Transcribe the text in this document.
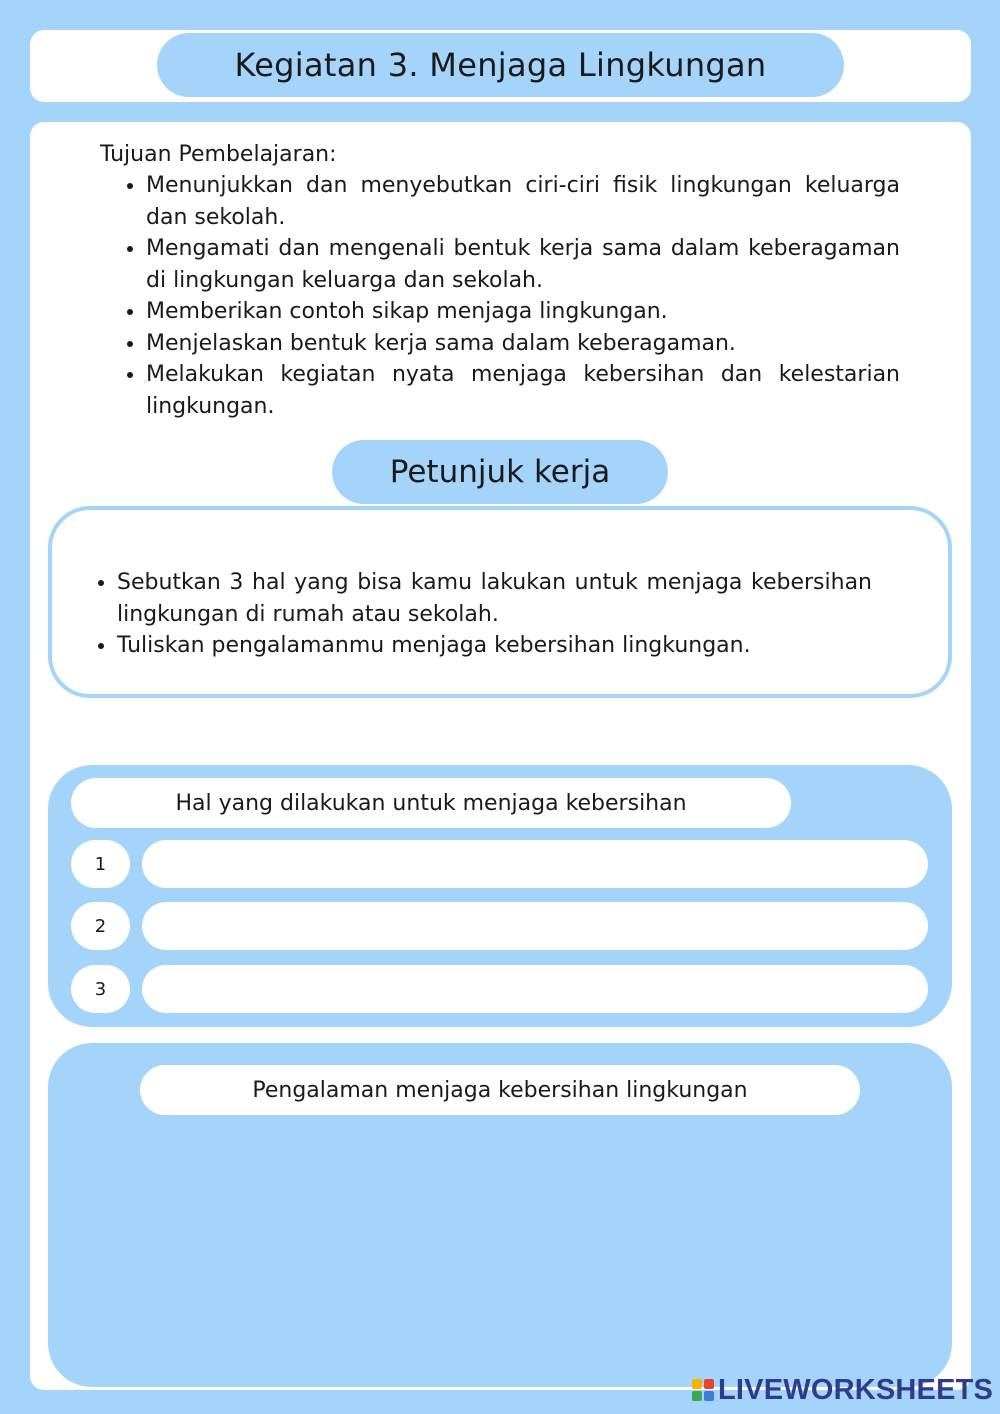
Kegiatan 3. Menjaga Lingkungan
Tujuan Pembelajaran:
• Menunjukkan dan menyebutkan ciri-ciri fisik lingkungan keluarga dan sekolah.
• Mengamati dan mengenali bentuk kerja sama dalam keberagaman di lingkungan keluarga dan sekolah.
• Memberikan contoh sikap menjaga lingkungan.
• Menjelaskan bentuk kerja sama dalam keberagaman.
• Melakukan kegiatan nyata menjaga kebersihan dan kelestarian lingkungan.
Petunjuk kerja
• Sebutkan 3 hal yang bisa kamu lakukan untuk menjaga kebersihan lingkungan di rumah atau sekolah.
• Tuliskan pengalamanmu menjaga kebersihan lingkungan.
Hal yang dilakukan untuk menjaga kebersihan
1
2
3
Pengalaman menjaga kebersihan lingkungan
LIVEWORKSHEETS
